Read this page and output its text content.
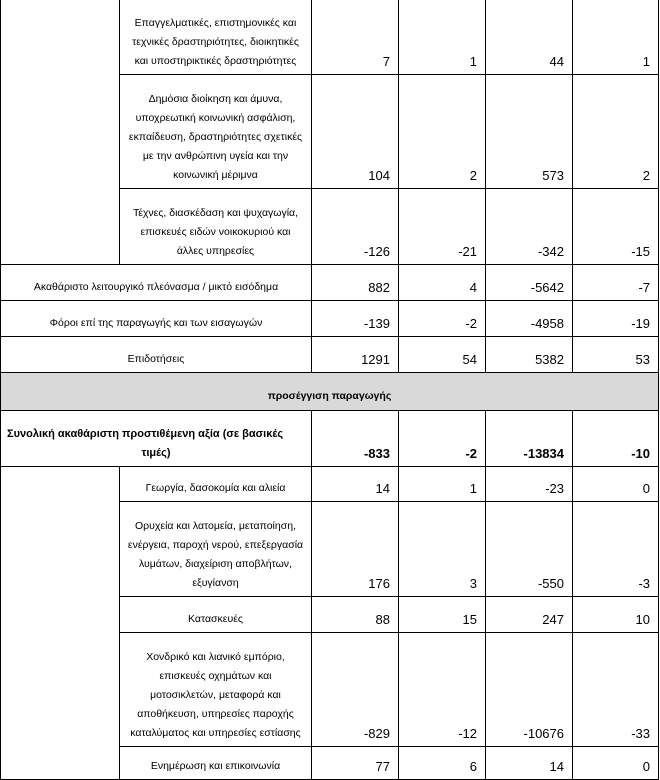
	Επαγγελματικές, επιστημονικές και τεχνικές δραστηριότητες, διοικητικές και υποστηρικτικές δραστηριότητες	7	1	44	1
	Δημόσια διοίκηση και άμυνα, υποχρεωτική κοινωνική ασφάλιση, εκπαίδευση, δραστηριότητες σχετικές με την ανθρώπινη υγεία και την κοινωνική μέριμνα	104	2	573	2
	Τέχνες, διασκέδαση και ψυχαγωγία, επισκευές ειδών νοικοκυριού και άλλες υπηρεσίες	-126	-21	-342	-15
Ακαθάριστο λειτουργικό πλεόνασμα / μικτό εισόδημα		882	4	-5642	-7
Φόροι επί της παραγωγής και των εισαγωγών		-139	-2	-4958	-19
Επιδοτήσεις		1291	54	5382	53
προσέγγιση παραγωγής					

Συνολική ακαθάριστη προστιθέμενη αξία (σε βασικές
τιμές)		-833	-2	-13834	-10
	Γεωργία, δασοκομία και αλιεία	14	1	-23	0
	Ορυχεία και λατομεία, μεταποίηση, ενέργεια, παροχή νερού, επεξεργασία λυμάτων, διαχείριση αποβλήτων, εξυγίανση	176	3	-550	-3
	Κατασκευές	88	15	247	10
	Χονδρικό και λιανικό εμπόριο, επισκευές οχημάτων και μοτοσικλετών, μεταφορά και αποθήκευση, υπηρεσίες παροχής καταλύματος και υπηρεσίες εστίασης	-829	-12	-10676	-33
	Ενημέρωση και επικοινωνία	77	6	14	0
